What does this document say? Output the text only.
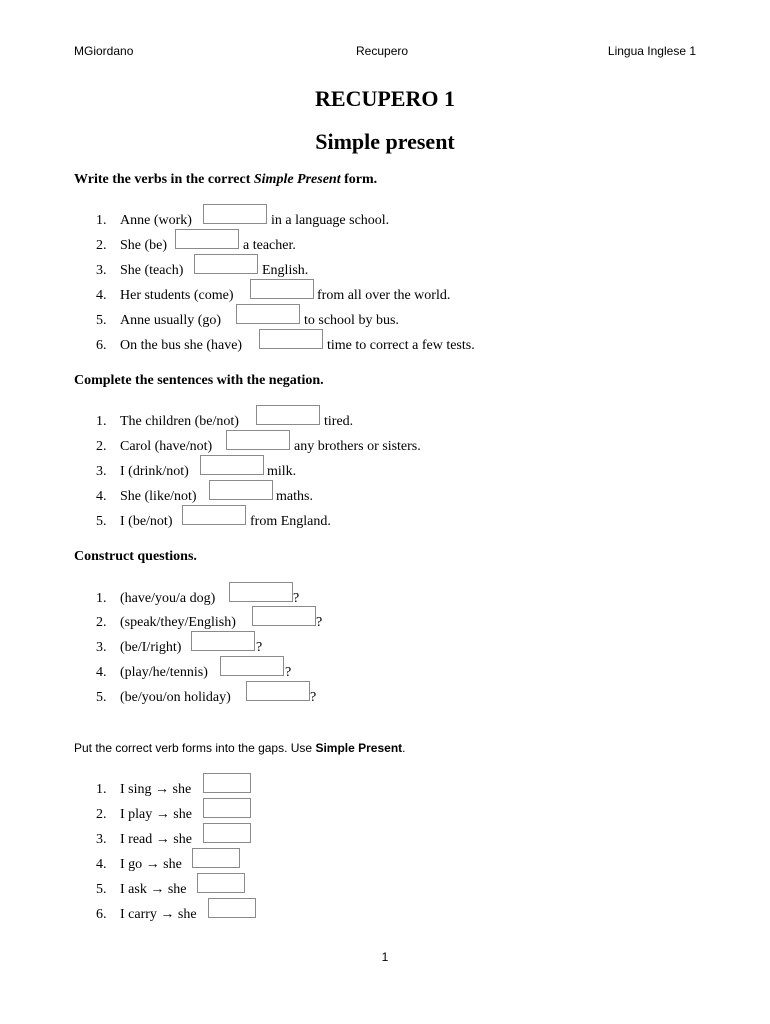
MGiordano	Recupero	Lingua Inglese 1
RECUPERO 1
Simple present
Write the verbs in the correct Simple Present form.
1. Anne (work)	in a language school.
2. She (be)	a teacher.
3. She (teach)	English.
4. Her students (come)	from all over the world.
5. Anne usually (go)	to school by bus.
6. On the bus she (have)	time to correct a few tests.
Complete the sentences with the negation.
1. The children (be/not)	tired.
2. Carol (have/not)	any brothers or sisters.
3. I (drink/not)	milk.
4. She (like/not)	maths.
5. I (be/not)	from England.
Construct questions.
1. (have/you/a dog)	?
2. (speak/they/English)	?
3. (be/I/right)	?
4. (play/he/tennis)	?
5. (be/you/on holiday)	?
Put the correct verb forms into the gaps. Use Simple Present.
1. I sing → she
2. I play → she
3. I read → she
4. I go → she
5. I ask → she
6. I carry → she
1
